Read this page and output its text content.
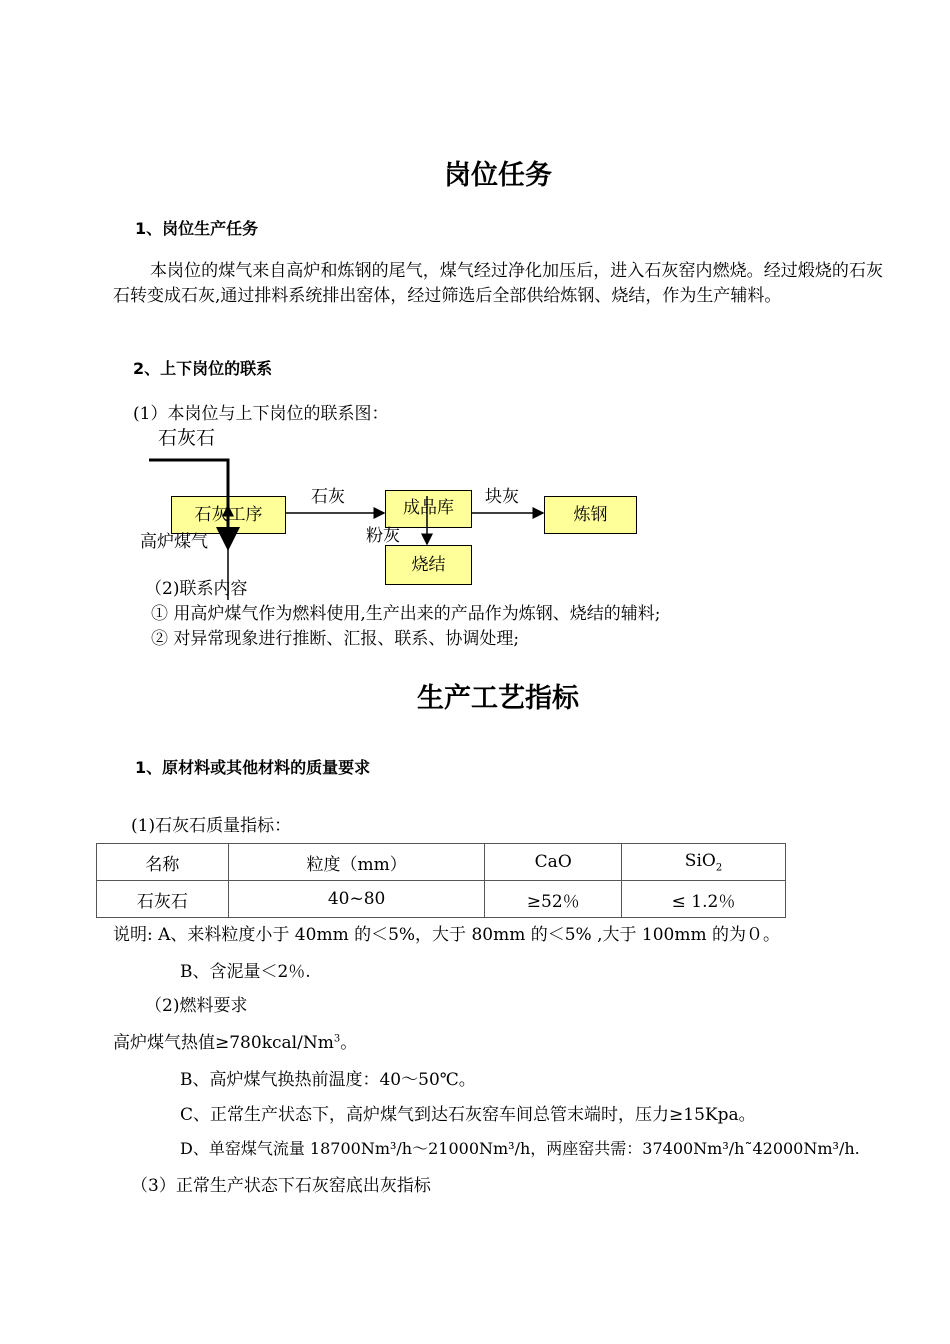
岗位任务
1、岗位生产任务
本岗位的煤气来自高炉和炼钢的尾气，煤气经过净化加压后，进入石灰窑内燃烧。经过煅烧的石灰石转变成石灰,通过排料系统排出窑体，经过筛选后全部供给炼钢、烧结，作为生产辅料。
2、上下岗位的联系
(1）本岗位与上下岗位的联系图：
石灰石
石灰工序	成品库	炼钢
烧结
高炉煤气
石灰	块灰
粉灰
（2)联系内容
① 用高炉煤气作为燃料使用,生产出来的产品作为炼钢、烧结的辅料;
② 对异常现象进行推断、汇报、联系、协调处理;
生产工艺指标
1、原材料或其他材料的质量要求
(1)石灰石质量指标：
名称	粒度（mm）	CaO	SiO$_2$
石灰石	40~80	≥52％	≤ 1.2％
说明: A、来料粒度小于 40mm 的＜5%，大于 80mm 的＜5% ,大于 100mm 的为０。
B、含泥量＜2％.
（2)燃料要求
高炉煤气热值$\ge 780kcal/Nm^3$。
B、高炉煤气换热前温度：40～50℃。
C、正常生产状态下，高炉煤气到达石灰窑车间总管末端时，压力≥15Kpa。
D、单窑煤气流量 18700Nm³/h～21000Nm³/h，两座窑共需：37400Nm³/h˜42000Nm³/h.
（3）正常生产状态下石灰窑底出灰指标
